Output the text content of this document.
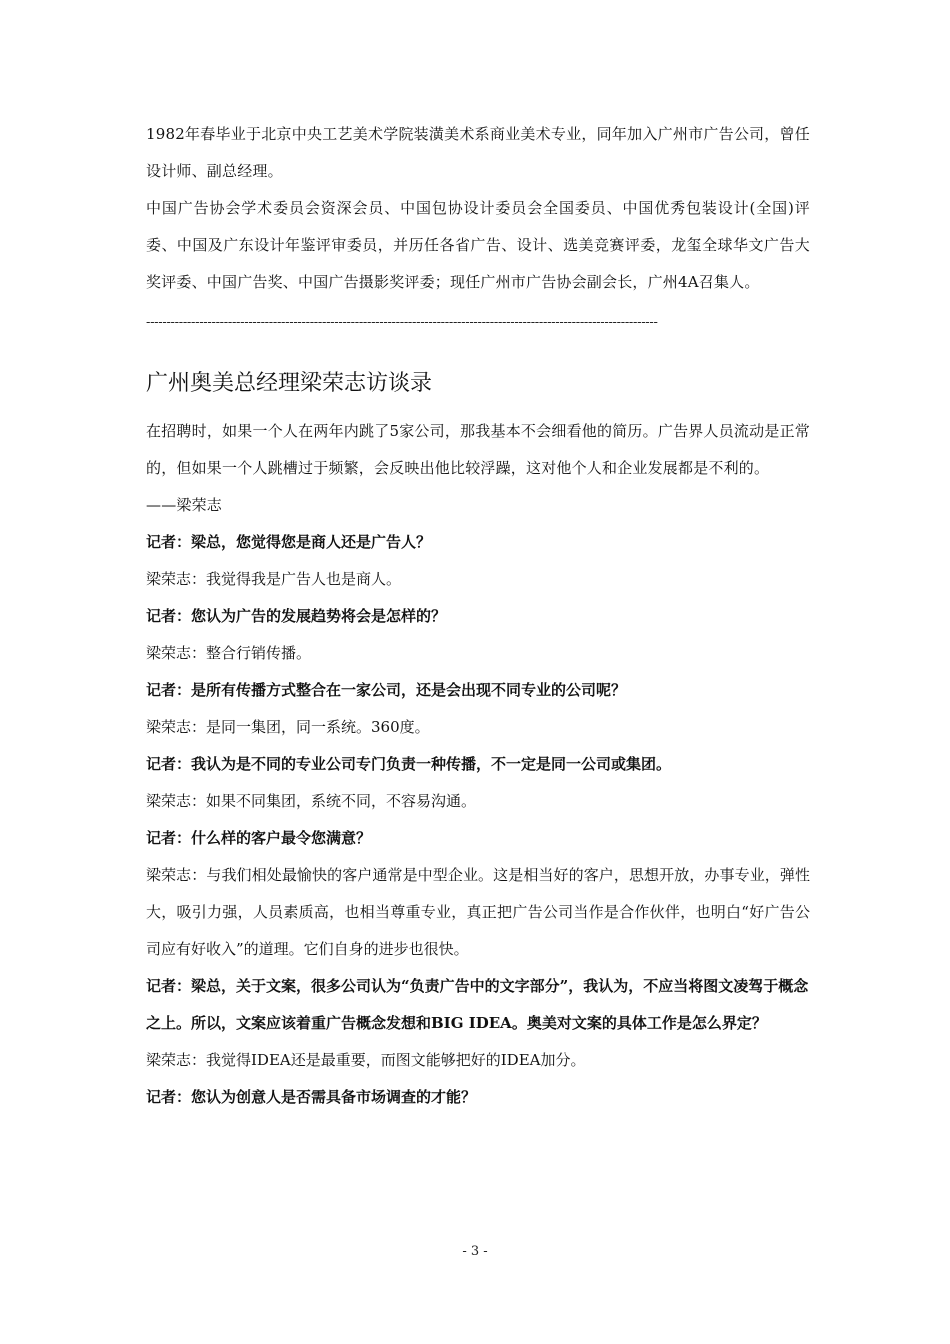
1982年春毕业于北京中央工艺美术学院装潢美术系商业美术专业，同年加入广州市广告公司，曾任设计师、副总经理。

中国广告协会学术委员会资深会员、中国包协设计委员会全国委员、中国优秀包装设计(全国)评委、中国及广东设计年鉴评审委员，并历任各省广告、设计、选美竞赛评委，龙玺全球华文广告大奖评委、中国广告奖、中国广告摄影奖评委；现任广州市广告协会副会长，广州4A召集人。

-----------------------------------------------------------------------------------------------------------------------------
广州奥美总经理梁荣志访谈录

在招聘时，如果一个人在两年内跳了5家公司，那我基本不会细看他的简历。广告界人员流动是正常的，但如果一个人跳槽过于频繁，会反映出他比较浮躁，这对他个人和企业发展都是不利的。

——梁荣志

记者：梁总，您觉得您是商人还是广告人？

梁荣志：我觉得我是广告人也是商人。

记者：您认为广告的发展趋势将会是怎样的？

梁荣志：整合行销传播。

记者：是所有传播方式整合在一家公司，还是会出现不同专业的公司呢？

梁荣志：是同一集团，同一系统。360度。

记者：我认为是不同的专业公司专门负责一种传播，不一定是同一公司或集团。

梁荣志：如果不同集团，系统不同，不容易沟通。

记者：什么样的客户最令您满意？

梁荣志：与我们相处最愉快的客户通常是中型企业。这是相当好的客户，思想开放，办事专业，弹性大，吸引力强，人员素质高，也相当尊重专业，真正把广告公司当作是合作伙伴，也明白“好广告公司应有好收入”的道理。它们自身的进步也很快。

记者：梁总，关于文案，很多公司认为“负责广告中的文字部分”，我认为，不应当将图文凌驾于概念之上。所以，文案应该着重广告概念发想和BIG IDEA。奥美对文案的具体工作是怎么界定？

梁荣志：我觉得IDEA还是最重要，而图文能够把好的IDEA加分。

记者：您认为创意人是否需具备市场调查的才能？

- 3 -
